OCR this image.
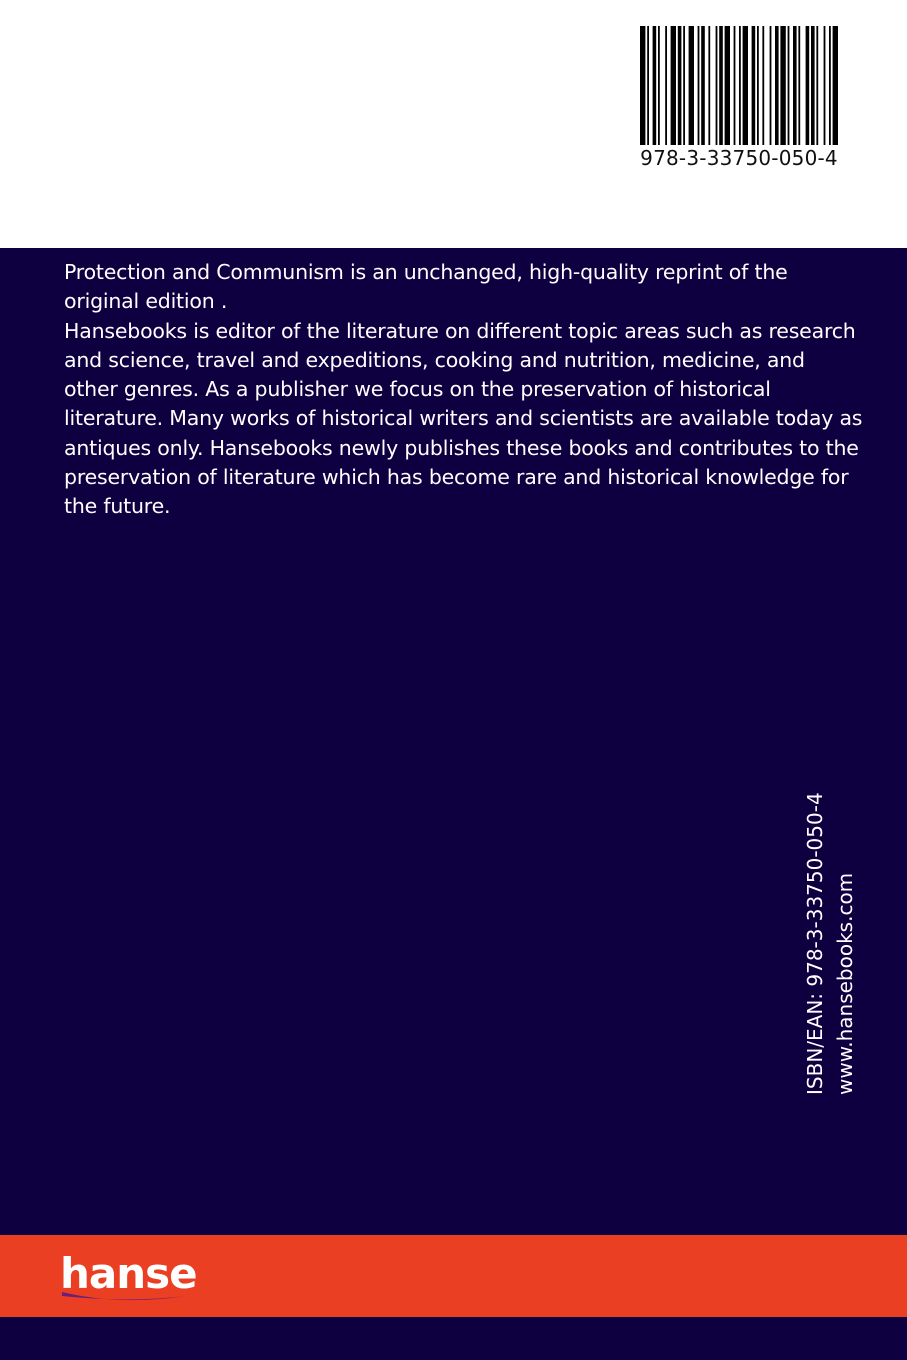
978-3-33750-050-4

Protection and Communism is an unchanged, high-quality reprint of the original edition .

Hansebooks is editor of the literature on different topic areas such as research and science, travel and expeditions, cooking and nutrition, medicine, and other genres. As a publisher we focus on the preservation of historical literature. Many works of historical writers and scientists are available today as antiques only. Hansebooks newly publishes these books and contributes to the preservation of literature which has become rare and historical knowledge for the future.

ISBN/EAN: 978-3-33750-050-4 www.hansebooks.com
hanse
